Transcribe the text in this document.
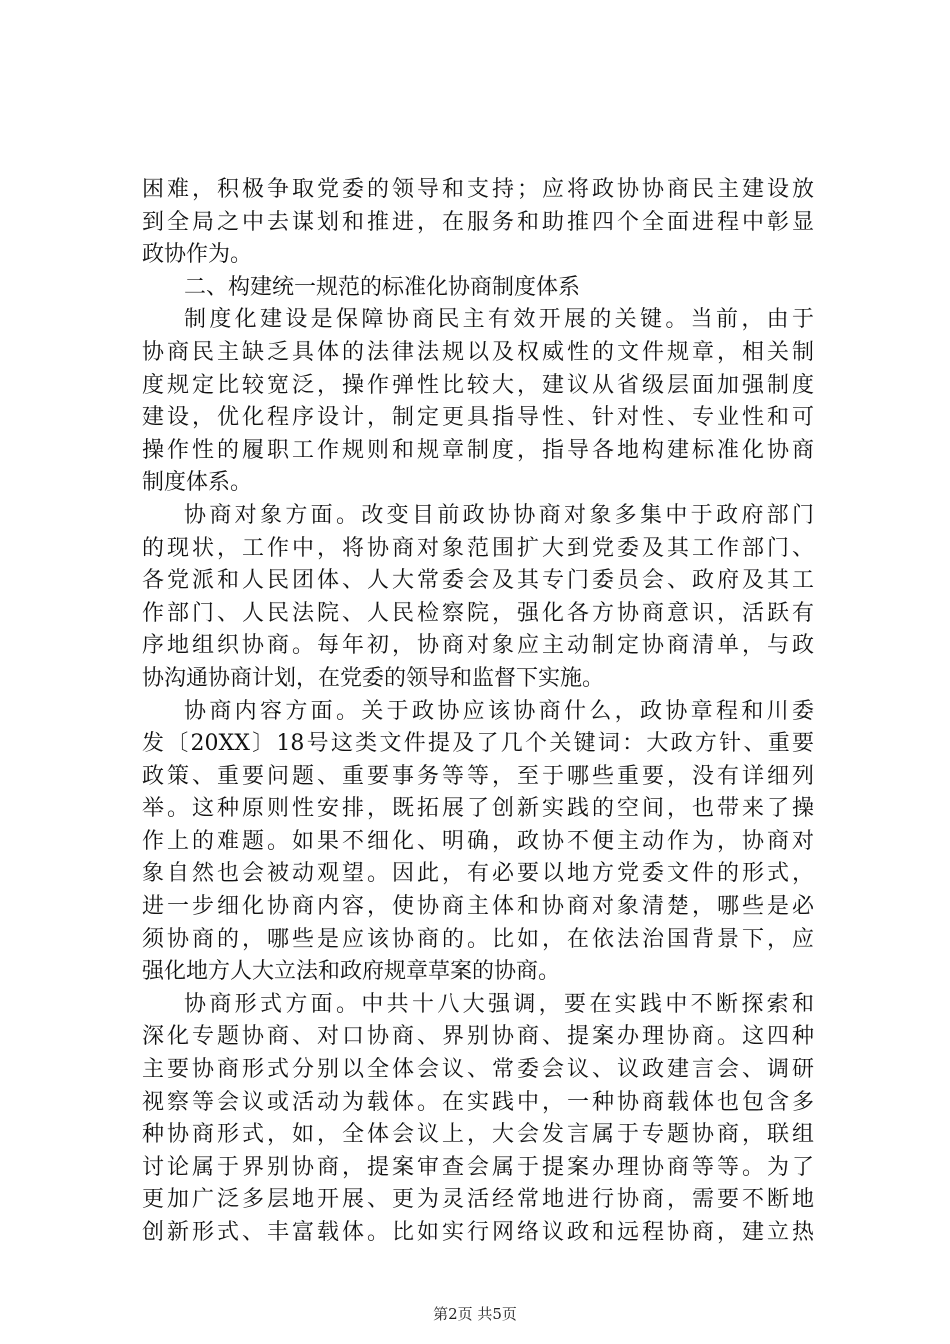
困难，积极争取党委的领导和支持；应将政协协商民主建设放
到全局之中去谋划和推进，在服务和助推四个全面进程中彰显
政协作为。
二、构建统一规范的标准化协商制度体系
制度化建设是保障协商民主有效开展的关键。当前，由于
协商民主缺乏具体的法律法规以及权威性的文件规章，相关制
度规定比较宽泛，操作弹性比较大，建议从省级层面加强制度
建设，优化程序设计，制定更具指导性、针对性、专业性和可
操作性的履职工作规则和规章制度，指导各地构建标准化协商
制度体系。
协商对象方面。改变目前政协协商对象多集中于政府部门
的现状，工作中，将协商对象范围扩大到党委及其工作部门、
各党派和人民团体、人大常委会及其专门委员会、政府及其工
作部门、人民法院、人民检察院，强化各方协商意识，活跃有
序地组织协商。每年初，协商对象应主动制定协商清单，与政
协沟通协商计划，在党委的领导和监督下实施。
协商内容方面。关于政协应该协商什么，政协章程和川委
发〔20XX〕18号这类文件提及了几个关键词：大政方针、重要
政策、重要问题、重要事务等等，至于哪些重要，没有详细列
举。这种原则性安排，既拓展了创新实践的空间，也带来了操
作上的难题。如果不细化、明确，政协不便主动作为，协商对
象自然也会被动观望。因此，有必要以地方党委文件的形式，
进一步细化协商内容，使协商主体和协商对象清楚，哪些是必
须协商的，哪些是应该协商的。比如，在依法治国背景下，应
强化地方人大立法和政府规章草案的协商。
协商形式方面。中共十八大强调，要在实践中不断探索和
深化专题协商、对口协商、界别协商、提案办理协商。这四种
主要协商形式分别以全体会议、常委会议、议政建言会、调研
视察等会议或活动为载体。在实践中，一种协商载体也包含多
种协商形式，如，全体会议上，大会发言属于专题协商，联组
讨论属于界别协商，提案审查会属于提案办理协商等等。为了
更加广泛多层地开展、更为灵活经常地进行协商，需要不断地
创新形式、丰富载体。比如实行网络议政和远程协商，建立热
第2页 共5页
